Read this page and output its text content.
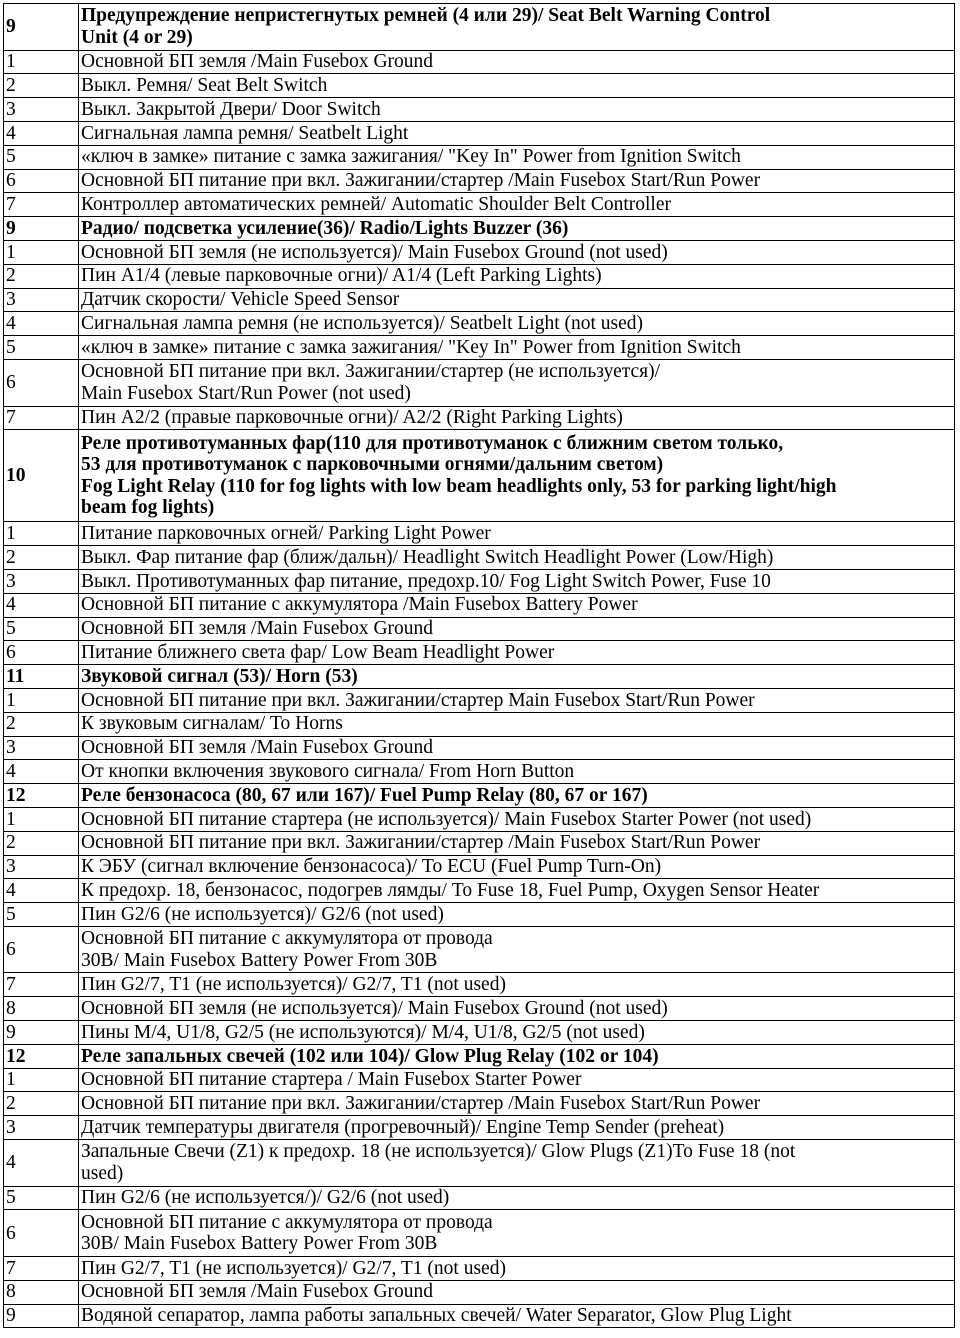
9	Предупреждение непристегнутых ремней (4 или 29)/ Seat Belt Warning Control
Unit (4 or 29)
1	Основной БП земля /Main Fusebox Ground
2	Выкл. Ремня/ Seat Belt Switch
3	Выкл. Закрытой Двери/ Door Switch
4	Сигнальная лампа ремня/ Seatbelt Light
5	«ключ в замке» питание с замка зажигания/ "Key In" Power from Ignition Switch
6	Основной БП питание при вкл. Зажигании/стартер /Main Fusebox Start/Run Power
7	Контроллер автоматических ремней/ Automatic Shoulder Belt Controller
9	Радио/ подсветка усиление(36)/ Radio/Lights Buzzer (36)
1	Основной БП земля (не используется)/ Main Fusebox Ground (not used)
2	Пин A1/4 (левые парковочные огни)/ A1/4 (Left Parking Lights)
3	Датчик скорости/ Vehicle Speed Sensor
4	Сигнальная лампа ремня (не используется)/ Seatbelt Light (not used)
5	«ключ в замке» питание с замка зажигания/ "Key In" Power from Ignition Switch
6	Основной БП питание при вкл. Зажигании/стартер (не используется)/
Main Fusebox Start/Run Power (not used)
7	Пин A2/2 (правые парковочные огни)/ A2/2 (Right Parking Lights)
10	Реле противотуманных фар(110 для противотуманок с ближним светом только,
53 для противотуманок с парковочными огнями/дальним светом)
Fog Light Relay (110 for fog lights with low beam headlights only, 53 for parking light/high
beam fog lights)
1	Питание парковочных огней/ Parking Light Power
2	Выкл. Фар питание фар (ближ/дальн)/ Headlight Switch Headlight Power (Low/High)
3	Выкл. Противотуманных фар питание, предохр.10/ Fog Light Switch Power, Fuse 10
4	Основной БП питание с аккумулятора /Main Fusebox Battery Power
5	Основной БП земля /Main Fusebox Ground
6	Питание ближнего света фар/ Low Beam Headlight Power
11	Звуковой сигнал (53)/ Horn (53)
1	Основной БП питание при вкл. Зажигании/стартер Main Fusebox Start/Run Power
2	К звуковым сигналам/ To Horns
3	Основной БП земля /Main Fusebox Ground
4	От кнопки включения звукового сигнала/ From Horn Button
12	Реле бензонасоса (80, 67 или 167)/ Fuel Pump Relay (80, 67 or 167)
1	Основной БП питание стартера (не используется)/ Main Fusebox Starter Power (not used)
2	Основной БП питание при вкл. Зажигании/стартер /Main Fusebox Start/Run Power
3	К ЭБУ (сигнал включение бензонасоса)/ To ECU (Fuel Pump Turn-On)
4	К предохр. 18, бензонасос, подогрев лямды/ To Fuse 18, Fuel Pump, Oxygen Sensor Heater
5	Пин G2/6 (не используется)/ G2/6 (not used)
6	Основной БП питание с аккумулятора от провода
30B/ Main Fusebox Battery Power From 30B
7	Пин G2/7, T1 (не используется)/ G2/7, T1 (not used)
8	Основной БП земля (не используется)/ Main Fusebox Ground (not used)
9	Пины M/4, U1/8, G2/5 (не используются)/ M/4, U1/8, G2/5 (not used)
12	Реле запальных свечей (102 или 104)/ Glow Plug Relay (102 or 104)
1	Основной БП питание стартера / Main Fusebox Starter Power
2	Основной БП питание при вкл. Зажигании/стартер /Main Fusebox Start/Run Power
3	Датчик температуры двигателя (прогревочный)/ Engine Temp Sender (preheat)
4	Запальные Свечи (Z1) к предохр. 18 (не используется)/ Glow Plugs (Z1)To Fuse 18 (not
used)
5	Пин G2/6 (не используется/)/ G2/6 (not used)
6	Основной БП питание с аккумулятора от провода
30B/ Main Fusebox Battery Power From 30B
7	Пин G2/7, T1 (не используется)/ G2/7, T1 (not used)
8	Основной БП земля /Main Fusebox Ground
9	Водяной сепаратор, лампа работы запальных свечей/ Water Separator, Glow Plug Light
